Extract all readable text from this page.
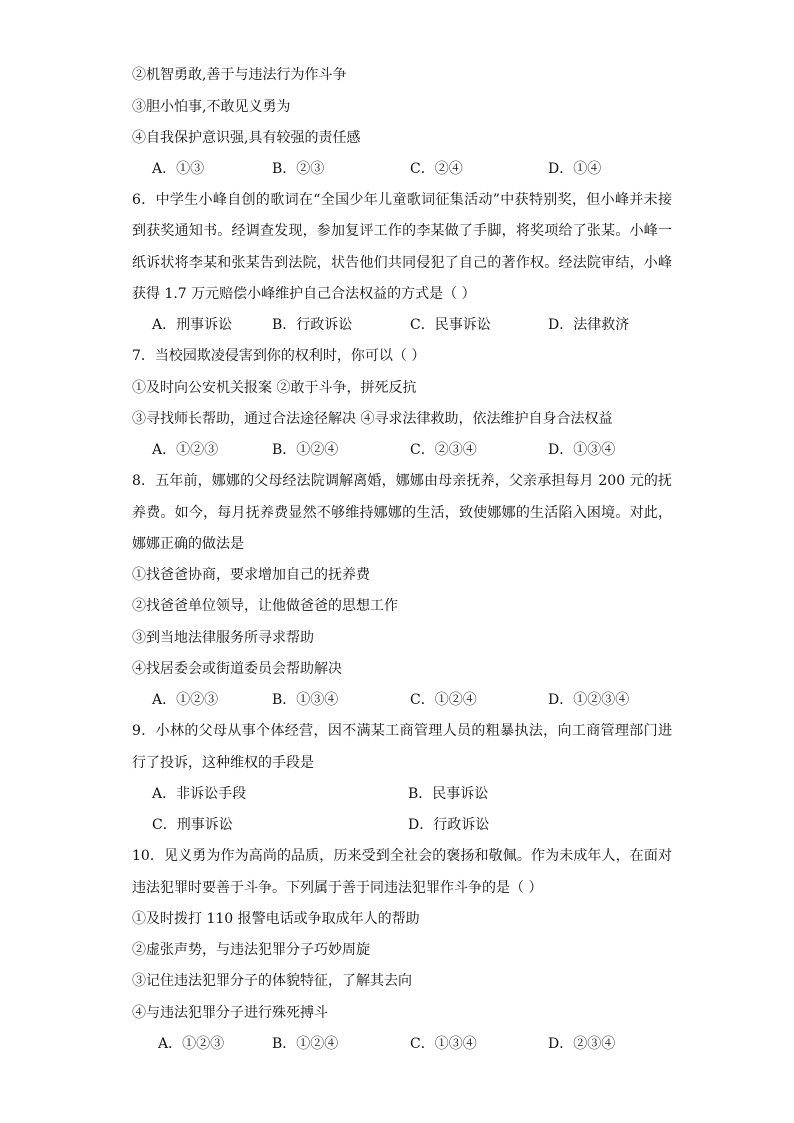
②机智勇敢,善于与违法行为作斗争
③胆小怕事,不敢见义勇为
④自我保护意识强,具有较强的责任感
A．①③	B．②③	C．②④	D．①④
6．中学生小峰自创的歌词在“全国少年儿童歌词征集活动”中获特别奖，但小峰并未接
到获奖通知书。经调查发现，参加复评工作的李某做了手脚，将奖项给了张某。小峰一
纸诉状将李某和张某告到法院，状告他们共同侵犯了自己的著作权。经法院审结，小峰
获得 1.7 万元赔偿小峰维护自己合法权益的方式是（ ）
A．刑事诉讼	B．行政诉讼	C．民事诉讼	D．法律救济
7．当校园欺凌侵害到你的权利时，你可以（ ）
①及时向公安机关报案 ②敢于斗争，拼死反抗
③寻找师长帮助，通过合法途径解决 ④寻求法律救助，依法维护自身合法权益
A．①②③	B．①②④	C．②③④	D．①③④
8．五年前，娜娜的父母经法院调解离婚，娜娜由母亲抚养，父亲承担每月 200 元的抚
养费。如今，每月抚养费显然不够维持娜娜的生活，致使娜娜的生活陷入困境。对此，
娜娜正确的做法是
①找爸爸协商，要求增加自己的抚养费
②找爸爸单位领导，让他做爸爸的思想工作
③到当地法律服务所寻求帮助
④找居委会或街道委员会帮助解决
A．①②③	B．①③④	C．①②④	D．①②③④
9．小林的父母从事个体经营，因不满某工商管理人员的粗暴执法，向工商管理部门进
行了投诉，这种维权的手段是
A．非诉讼手段	B．民事诉讼
C．刑事诉讼	D．行政诉讼
10．见义勇为作为高尚的品质，历来受到全社会的褒扬和敬佩。作为未成年人，在面对
违法犯罪时要善于斗争。下列属于善于同违法犯罪作斗争的是（ ）
①及时拨打 110 报警电话或争取成年人的帮助
②虚张声势，与违法犯罪分子巧妙周旋
③记住违法犯罪分子的体貌特征，了解其去向
④与违法犯罪分子进行殊死搏斗
A．①②③	B．①②④	C．①③④	D．②③④
